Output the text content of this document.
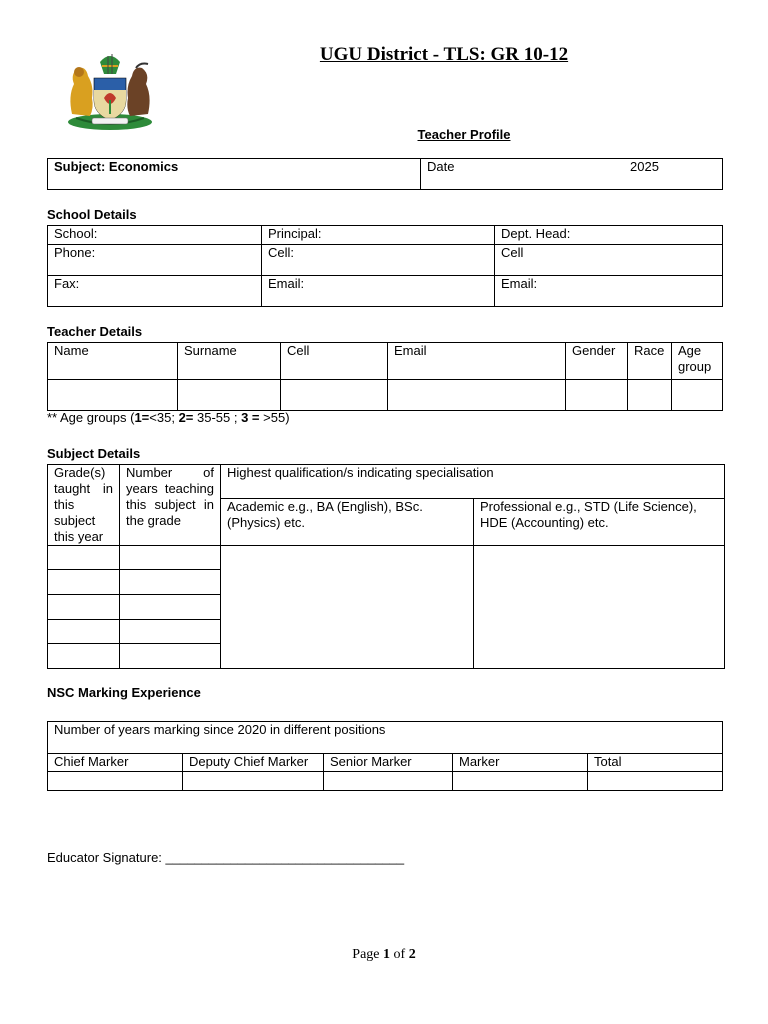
UGU District - TLS: GR 10-12
Teacher Profile
Subject: Economics	Date	2025
School Details
School:	Principal:	Dept. Head:
Phone:	Cell:	Cell
Fax:	Email:	Email:
Teacher Details
Name	Surname	Cell	Email	Gender	Race	Age group

** Age groups (1=<35; 2= 35-55 ; 3 = >55)
Subject Details
Grade(s) taught in this subject this year	Number of years teaching this subject in the grade	Highest qualification/s indicating specialisation	
		Academic e.g., BA (English), BSc. (Physics) etc.	Professional e.g., STD (Life Science), HDE (Accounting) etc.

NSC Marking Experience
Number of years marking since 2020 in different positions				
Chief Marker	Deputy Chief Marker	Senior Marker	Marker	Total

Educator Signature: _________________________________
Page 1 of 2
